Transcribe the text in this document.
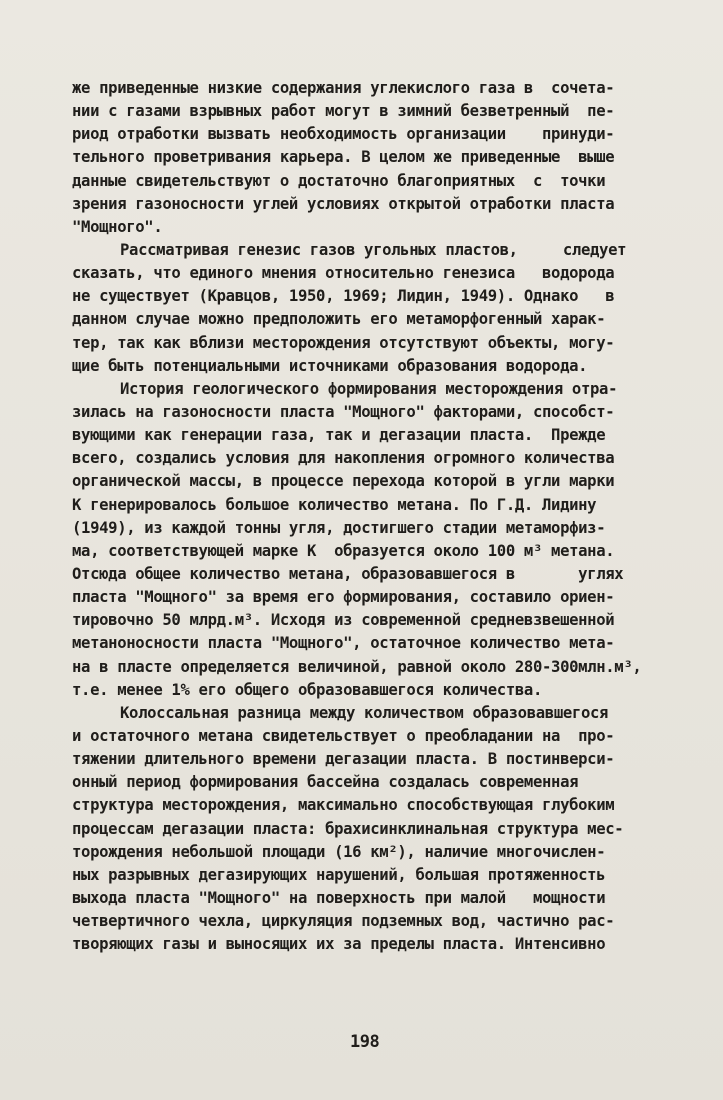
же приведенные низкие содержания углекислого газа в  сочета-
нии с газами взрывных работ могут в зимний безветренный  пе-
риод отработки вызвать необходимость организации    принуди-
тельного проветривания карьера. В целом же приведенные  выше
данные свидетельствуют о достаточно благоприятных  с  точки
зрения газоносности углей условиях открытой отработки пласта
"Мощного".
Рассматривая генезис газов угольных пластов,     следует
сказать, что единого мнения относительно генезиса   водорода
не существует (Кравцов, 1950, 1969; Лидин, 1949). Однако   в
данном случае можно предположить его метаморфогенный харак-
тер, так как вблизи месторождения отсутствуют объекты, могу-
щие быть потенциальными источниками образования водорода.
История геологического формирования месторождения отра-
зилась на газоносности пласта "Мощного" факторами, способст-
вующими как генерации газа, так и дегазации пласта.  Прежде
всего, создались условия для накопления огромного количества
органической массы, в процессе перехода которой в угли марки
К генерировалось большое количество метана. По Г.Д. Лидину
(1949), из каждой тонны угля, достигшего стадии метаморфиз-
ма, соответствующей марке К  образуется около 100 м³ метана.
Отсюда общее количество метана, образовавшегося в       углях
пласта "Мощного" за время его формирования, составило ориен-
тировочно 50 млрд.м³. Исходя из современной средневзвешенной
метаноносности пласта "Мощного", остаточное количество мета-
на в пласте определяется величиной, равной около 280-300млн.м³,
т.е. менее 1% его общего образовавшегося количества.
Колоссальная разница между количеством образовавшегося
и остаточного метана свидетельствует о преобладании на  про-
тяжении длительного времени дегазации пласта. В постинверси-
онный период формирования бассейна создалась современная
структура месторождения, максимально способствующая глубоким
процессам дегазации пласта: брахисинклинальная структура мес-
торождения небольшой площади (16 км²), наличие многочислен-
ных разрывных дегазирующих нарушений, большая протяженность
выхода пласта "Мощного" на поверхность при малой   мощности
четвертичного чехла, циркуляция подземных вод, частично рас-
творяющих газы и выносящих их за пределы пласта. Интенсивно
198
